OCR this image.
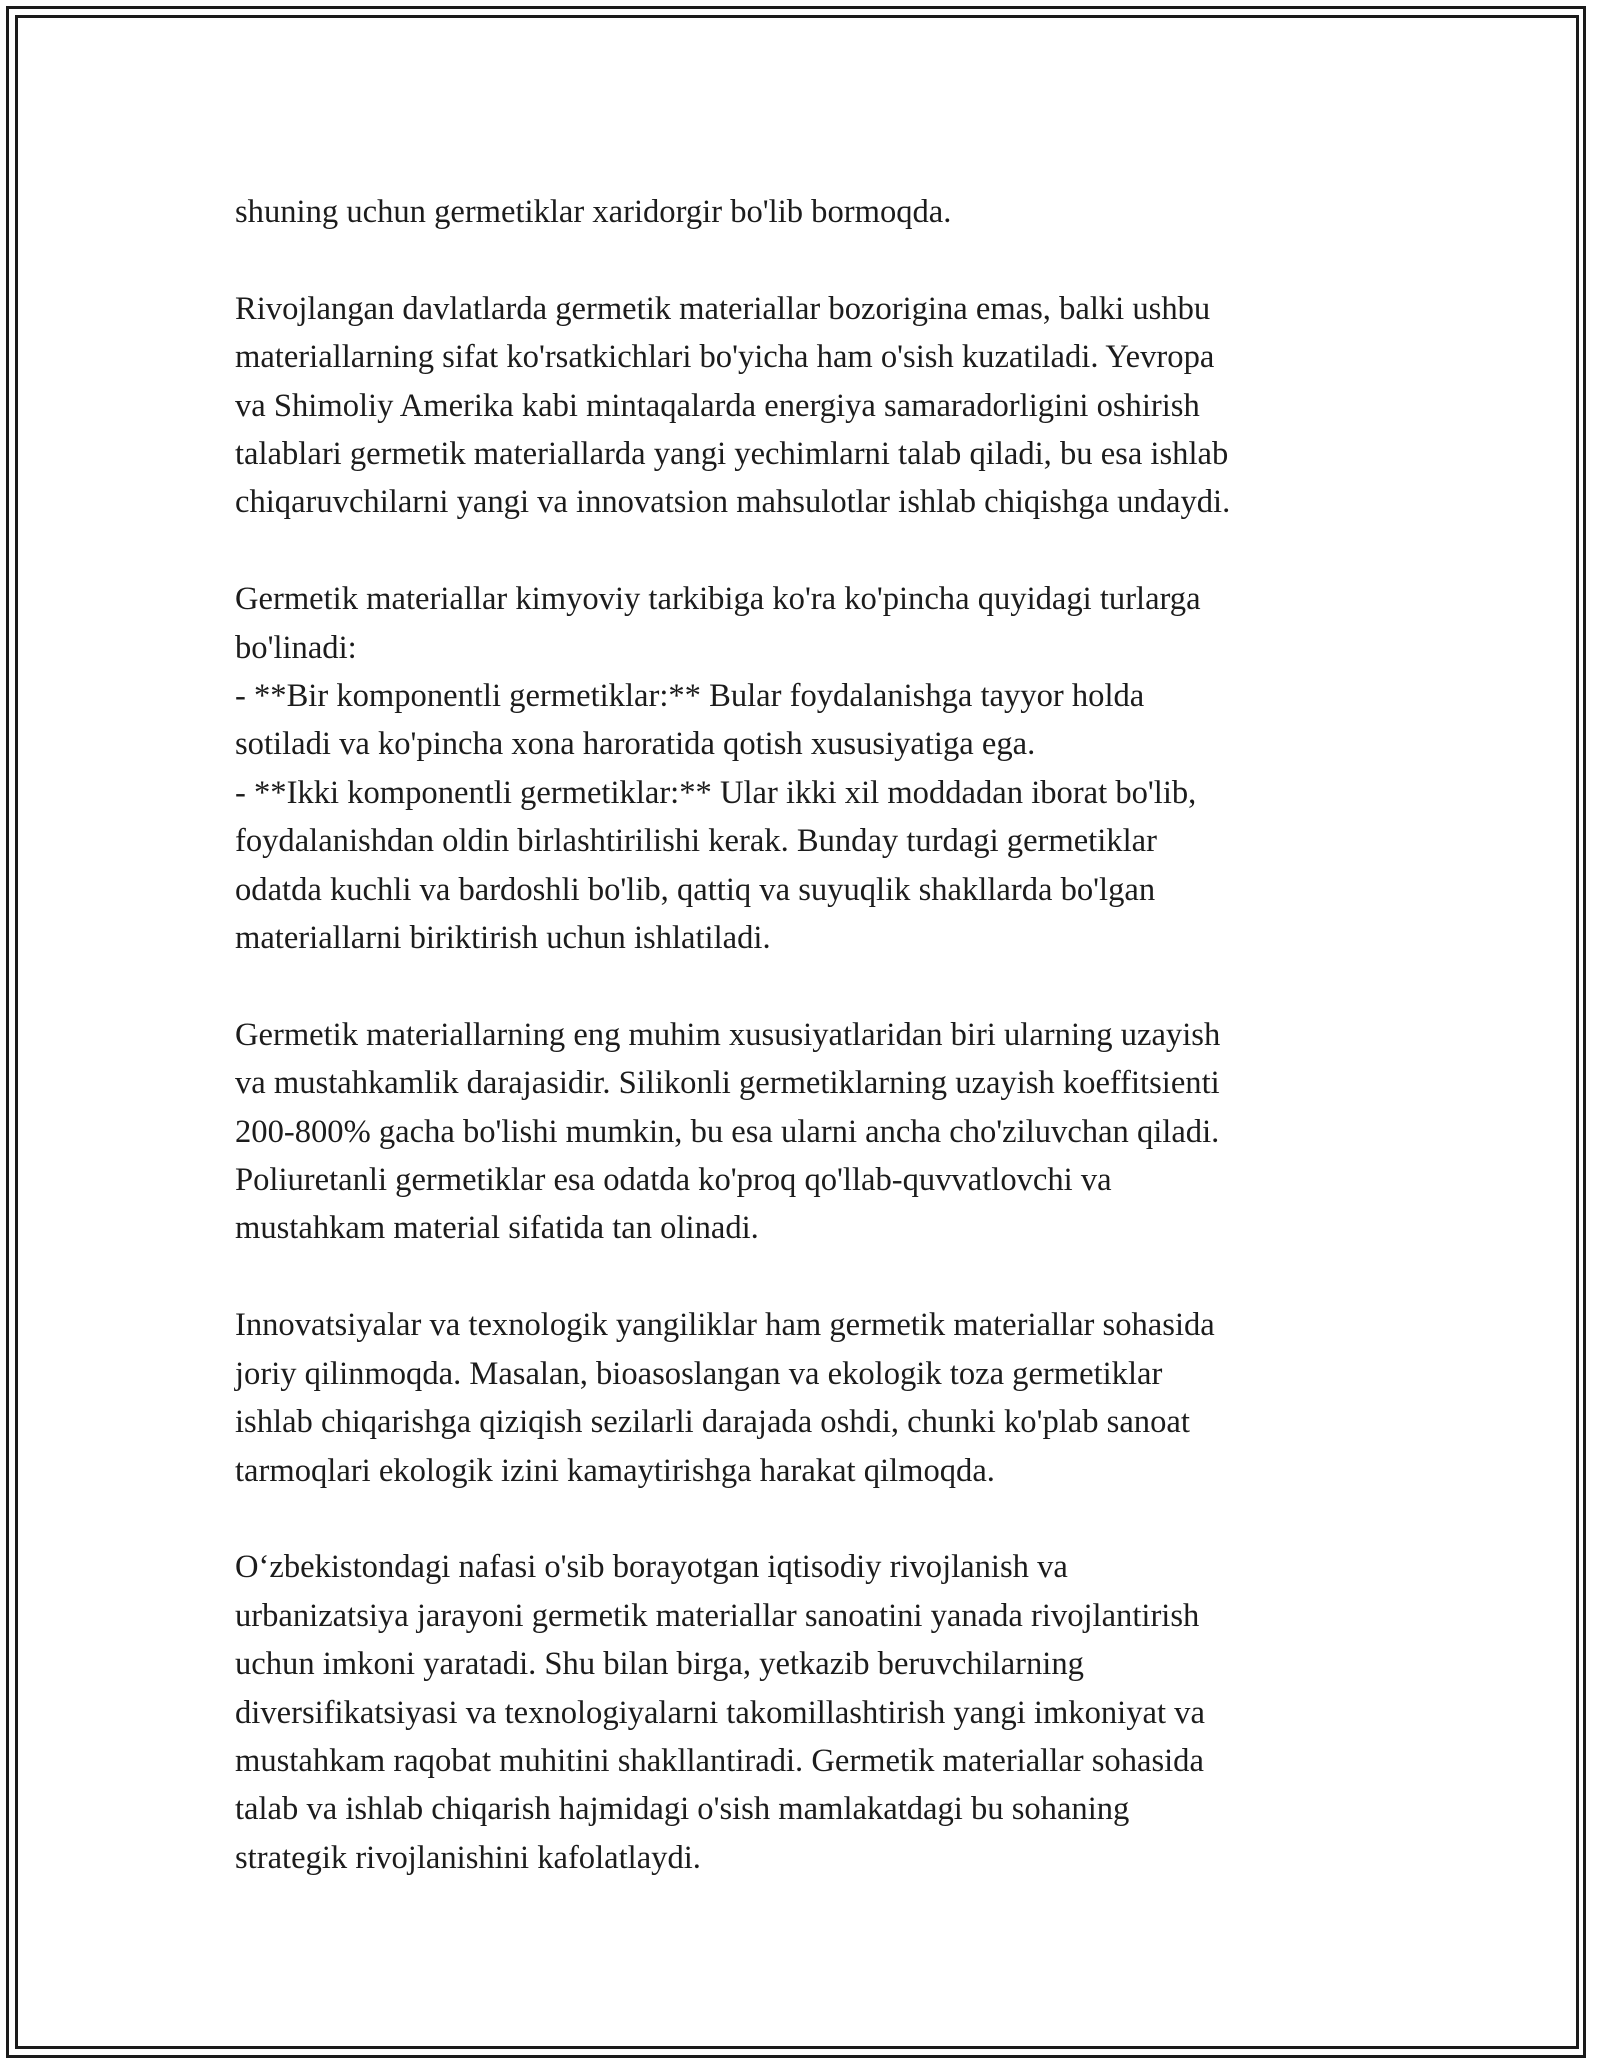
shuning uchun germetiklar xaridorgir bo'lib bormoqda.

Rivojlangan davlatlarda germetik materiallar bozorigina emas, balki ushbu
materiallarning sifat ko'rsatkichlari bo'yicha ham o'sish kuzatiladi. Yevropa
va Shimoliy Amerika kabi mintaqalarda energiya samaradorligini oshirish
talablari germetik materiallarda yangi yechimlarni talab qiladi, bu esa ishlab
chiqaruvchilarni yangi va innovatsion mahsulotlar ishlab chiqishga undaydi.

Germetik materiallar kimyoviy tarkibiga ko'ra ko'pincha quyidagi turlarga
bo'linadi:
- **Bir komponentli germetiklar:** Bular foydalanishga tayyor holda
sotiladi va ko'pincha xona haroratida qotish xususiyatiga ega.
- **Ikki komponentli germetiklar:** Ular ikki xil moddadan iborat bo'lib,
foydalanishdan oldin birlashtirilishi kerak. Bunday turdagi germetiklar
odatda kuchli va bardoshli bo'lib, qattiq va suyuqlik shakllarda bo'lgan
materiallarni biriktirish uchun ishlatiladi.

Germetik materiallarning eng muhim xususiyatlaridan biri ularning uzayish
va mustahkamlik darajasidir. Silikonli germetiklarning uzayish koeffitsienti
200-800% gacha bo'lishi mumkin, bu esa ularni ancha cho'ziluvchan qiladi.
Poliuretanli germetiklar esa odatda ko'proq qo'llab-quvvatlovchi va
mustahkam material sifatida tan olinadi.

Innovatsiyalar va texnologik yangiliklar ham germetik materiallar sohasida
joriy qilinmoqda. Masalan, bioasoslangan va ekologik toza germetiklar
ishlab chiqarishga qiziqish sezilarli darajada oshdi, chunki ko'plab sanoat
tarmoqlari ekologik izini kamaytirishga harakat qilmoqda.

O‘zbekistondagi nafasi o'sib borayotgan iqtisodiy rivojlanish va
urbanizatsiya jarayoni germetik materiallar sanoatini yanada rivojlantirish
uchun imkoni yaratadi. Shu bilan birga, yetkazib beruvchilarning
diversifikatsiyasi va texnologiyalarni takomillashtirish yangi imkoniyat va
mustahkam raqobat muhitini shakllantiradi. Germetik materiallar sohasida
talab va ishlab chiqarish hajmidagi o'sish mamlakatdagi bu sohaning
strategik rivojlanishini kafolatlaydi.
